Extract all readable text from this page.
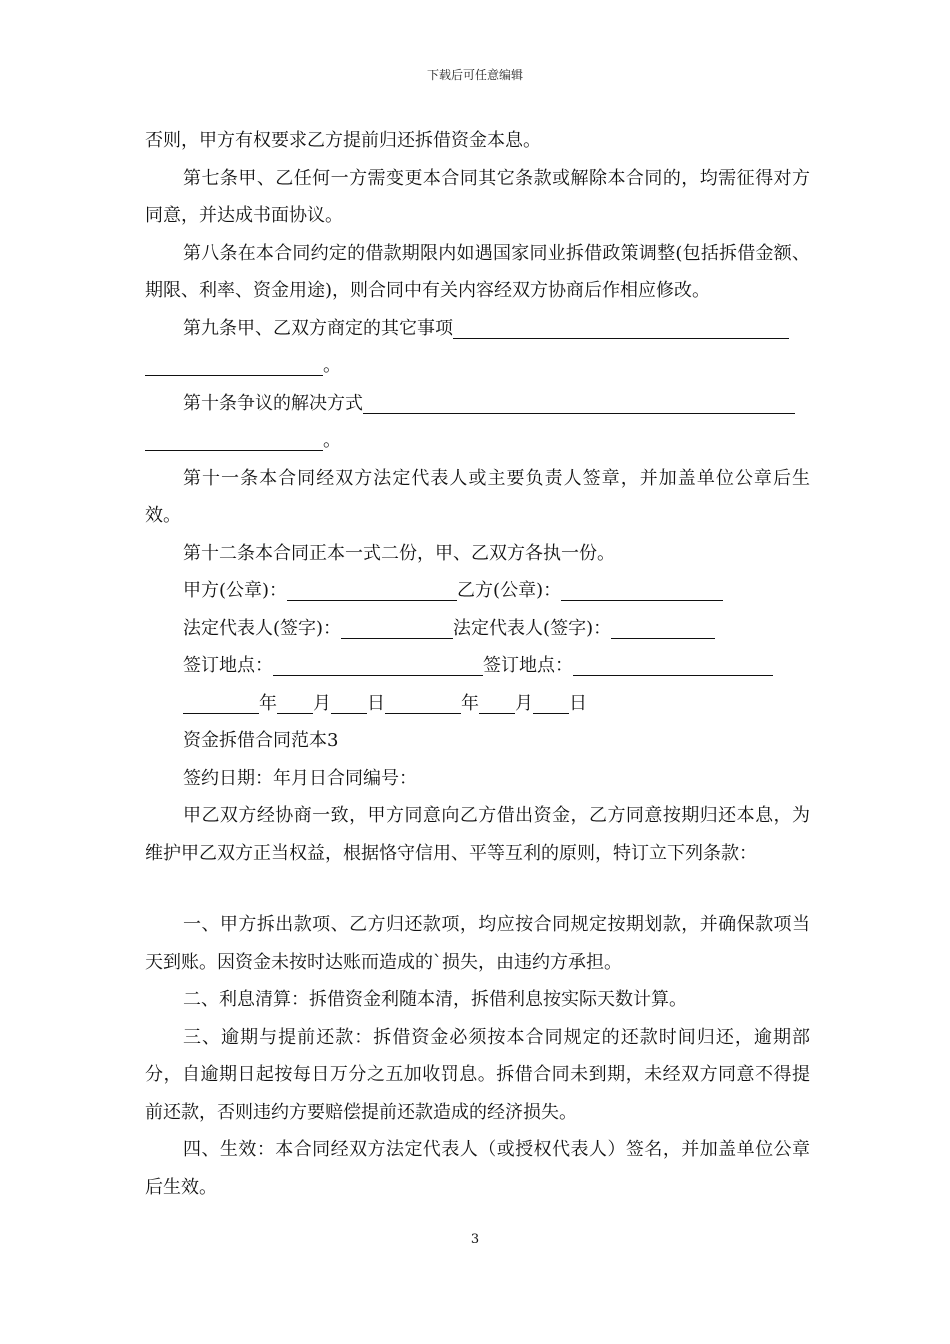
下载后可任意编辑

否则，甲方有权要求乙方提前归还拆借资金本息。

第七条甲、乙任何一方需变更本合同其它条款或解除本合同的，均需征得对方同意，并达成书面协议。

第八条在本合同约定的借款期限内如遇国家同业拆借政策调整(包括拆借金额、期限、利率、资金用途)，则合同中有关内容经双方协商后作相应修改。

第九条甲、乙双方商定的其它事项
。
第十条争议的解决方式
。

第十一条本合同经双方法定代表人或主要负责人签章，并加盖单位公章后生效。

第十二条本合同正本一式二份，甲、乙双方各执一份。

甲方(公章)：	乙方(公章)：
法定代表人(签字)：	法定代表人(签字)：
签订地点：	签订地点：
年 月 日	年 月 日

资金拆借合同范本3

签约日期：年月日合同编号：

甲乙双方经协商一致，甲方同意向乙方借出资金，乙方同意按期归还本息，为维护甲乙双方正当权益，根据恪守信用、平等互利的原则，特订立下列条款：

一、甲方拆出款项、乙方归还款项，均应按合同规定按期划款，并确保款项当天到账。因资金未按时达账而造成的`损失，由违约方承担。

二、利息清算：拆借资金利随本清，拆借利息按实际天数计算。

三、逾期与提前还款：拆借资金必须按本合同规定的还款时间归还，逾期部分，自逾期日起按每日万分之五加收罚息。拆借合同未到期，未经双方同意不得提前还款，否则违约方要赔偿提前还款造成的经济损失。

四、生效：本合同经双方法定代表人（或授权代表人）签名，并加盖单位公章后生效。

3
